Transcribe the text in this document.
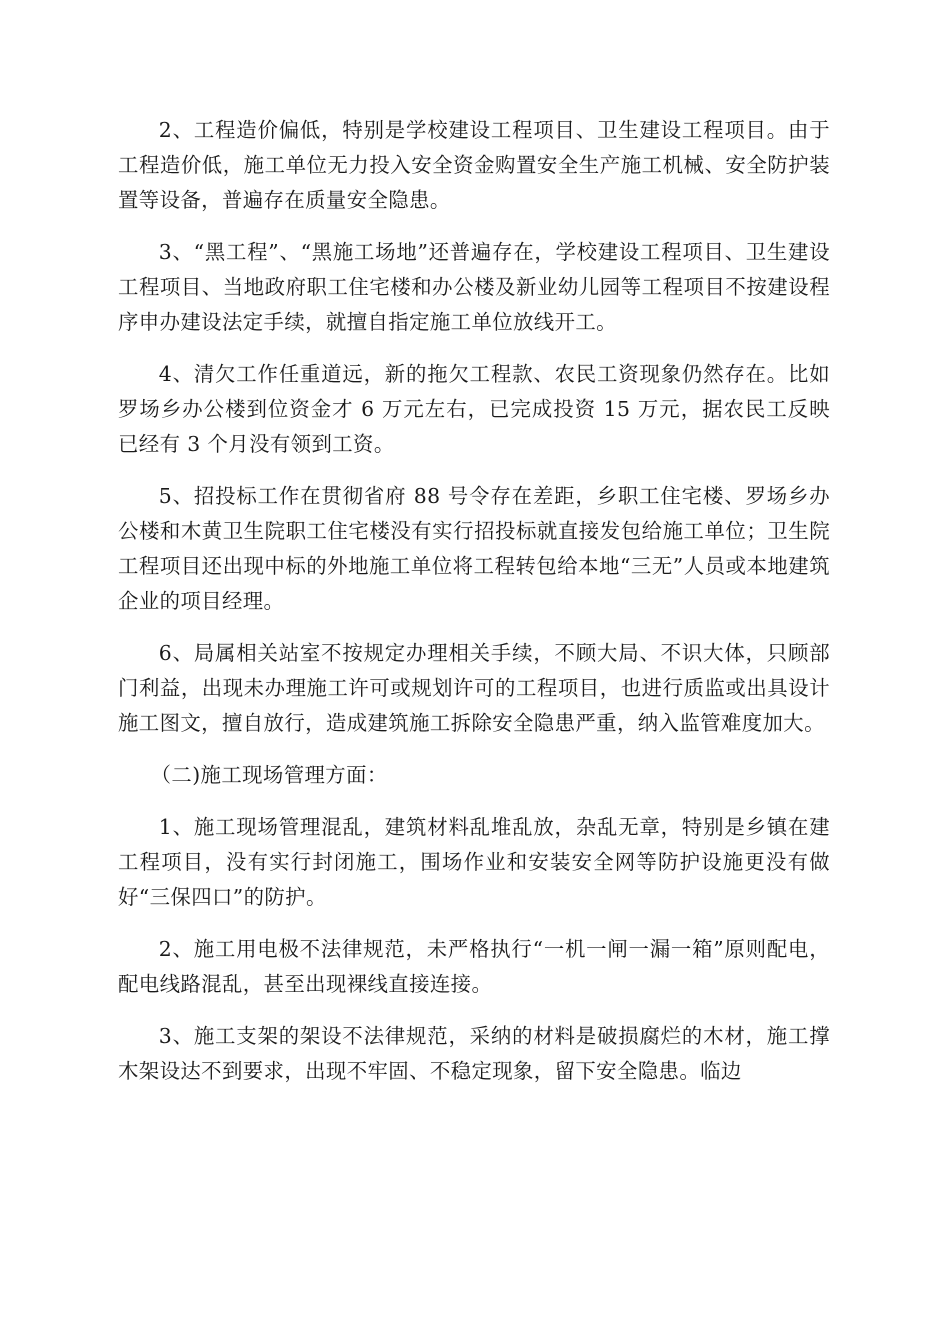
2、工程造价偏低，特别是学校建设工程项目、卫生建设工程项目。由于工程造价低，施工单位无力投入安全资金购置安全生产施工机械、安全防护装置等设备，普遍存在质量安全隐患。

3、“黑工程”、“黑施工场地”还普遍存在，学校建设工程项目、卫生建设工程项目、当地政府职工住宅楼和办公楼及新业幼儿园等工程项目不按建设程序申办建设法定手续，就擅自指定施工单位放线开工。

4、清欠工作任重道远，新的拖欠工程款、农民工资现象仍然存在。比如罗场乡办公楼到位资金才 6 万元左右，已完成投资 15 万元，据农民工反映已经有 3 个月没有领到工资。

5、招投标工作在贯彻省府 88 号令存在差距，乡职工住宅楼、罗场乡办公楼和木黄卫生院职工住宅楼没有实行招投标就直接发包给施工单位；卫生院工程项目还出现中标的外地施工单位将工程转包给本地“三无”人员或本地建筑企业的项目经理。

6、局属相关站室不按规定办理相关手续，不顾大局、不识大体，只顾部门利益，出现未办理施工许可或规划许可的工程项目，也进行质监或出具设计施工图文，擅自放行，造成建筑施工拆除安全隐患严重，纳入监管难度加大。

（二)施工现场管理方面：

1、施工现场管理混乱，建筑材料乱堆乱放，杂乱无章，特别是乡镇在建工程项目，没有实行封闭施工，围场作业和安装安全网等防护设施更没有做好“三保四口”的防护。

2、施工用电极不法律规范，未严格执行“一机一闸一漏一箱”原则配电，配电线路混乱，甚至出现裸线直接连接。

3、施工支架的架设不法律规范，采纳的材料是破损腐烂的木材，施工撑木架设达不到要求，出现不牢固、不稳定现象，留下安全隐患。临边
